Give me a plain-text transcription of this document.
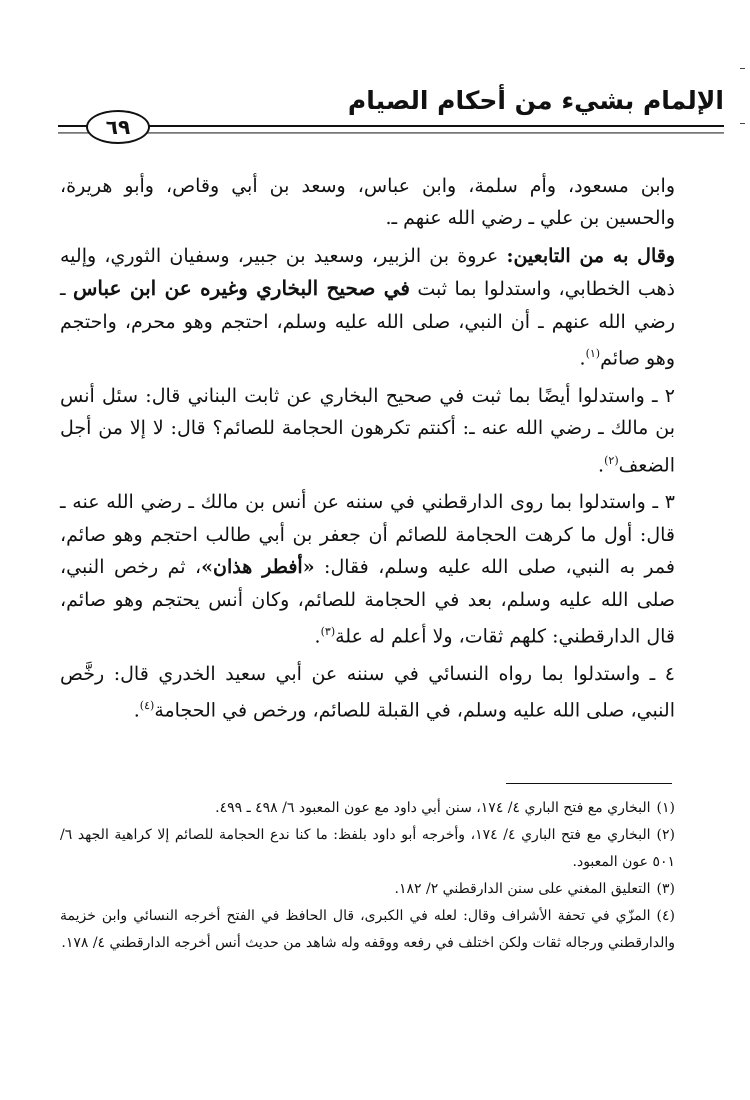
الإلمام بشيء من أحكام الصيام
٦٩

وابن مسعود، وأم سلمة، وابن عباس، وسعد بن أبي وقاص، وأبو هريرة، والحسين بن علي ـ رضي الله عنهم ـ.

وقال به من التابعين: عروة بن الزبير، وسعيد بن جبير، وسفيان الثوري، وإليه ذهب الخطابي، واستدلوا بما ثبت في صحيح البخاري وغيره عن ابن عباس ـ رضي الله عنهم ـ أن النبي، صلى الله عليه وسلم، احتجم وهو محرم، واحتجم وهو صائم$^{(١)}$.

٢ ـ واستدلوا أيضًا بما ثبت في صحيح البخاري عن ثابت البناني قال: سئل أنس بن مالك ـ رضي الله عنه ـ: أكنتم تكرهون الحجامة للصائم؟ قال: لا إلا من أجل الضعف$^{(٢)}$.

٣ ـ واستدلوا بما روى الدارقطني في سننه عن أنس بن مالك ـ رضي الله عنه ـ قال: أول ما كرهت الحجامة للصائم أن جعفر بن أبي طالب احتجم وهو صائم، فمر به النبي، صلى الله عليه وسلم، فقال: «أفطر هذان»، ثم رخص النبي، صلى الله عليه وسلم، بعد في الحجامة للصائم، وكان أنس يحتجم وهو صائم، قال الدارقطني: كلهم ثقات، ولا أعلم له علة$^{(٣)}$.

٤ ـ واستدلوا بما رواه النسائي في سننه عن أبي سعيد الخدري قال: رخَّص النبي، صلى الله عليه وسلم، في القبلة للصائم، ورخص في الحجامة$^{(٤)}$.

(١)البخاري مع فتح الباري ٤/ ١٧٤، سنن أبي داود مع عون المعبود ٦/ ٤٩٨ ـ ٤٩٩.

(٢)البخاري مع فتح الباري ٤/ ١٧٤، وأخرجه أبو داود بلفظ: ما كنا ندع الحجامة للصائم إلا كراهية الجهد ٦/ ٥٠١ عون المعبود.

(٣)التعليق المغني على سنن الدارقطني ٢/ ١٨٢.

(٤)المزّي في تحفة الأشراف وقال: لعله في الكبرى، قال الحافظ في الفتح أخرجه النسائي وابن خزيمة والدارقطني ورجاله ثقات ولكن اختلف في رفعه ووقفه وله شاهد من حديث أنس أخرجه الدارقطني ٤/ ١٧٨.
